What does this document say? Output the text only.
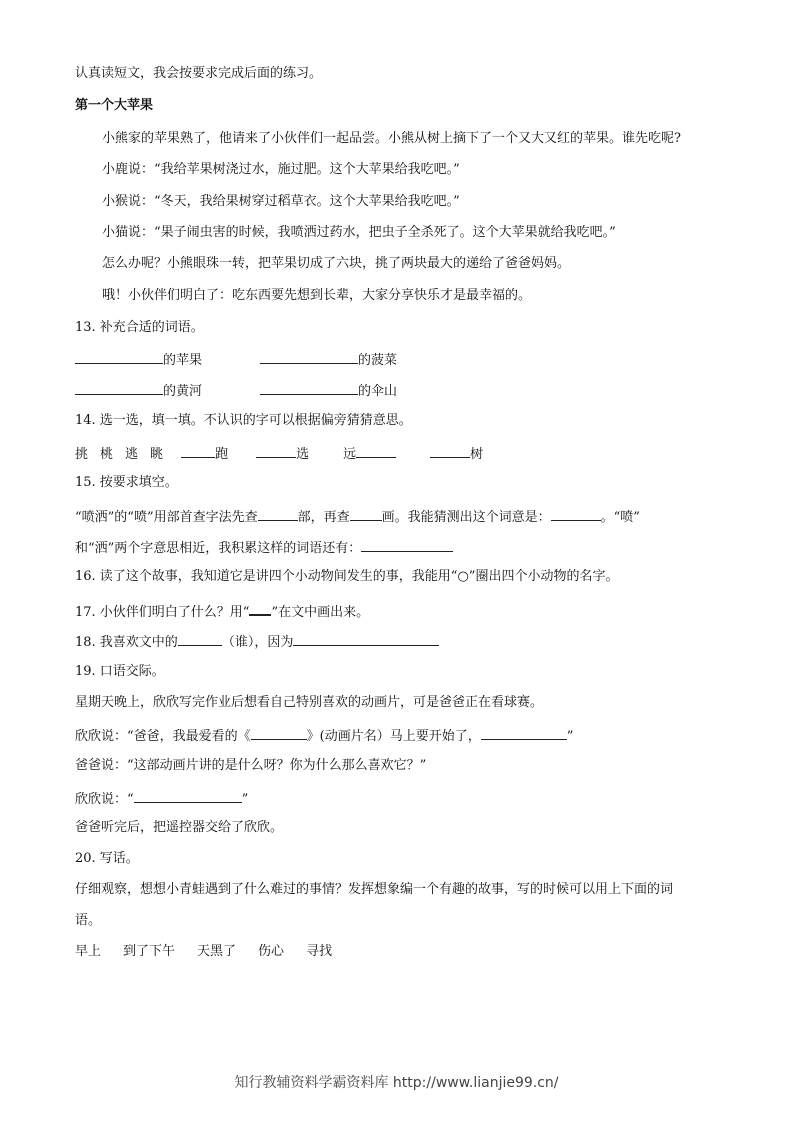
认真读短文，我会按要求完成后面的练习。
第一个大苹果
小熊家的苹果熟了，他请来了小伙伴们一起品尝。小熊从树上摘下了一个又大又红的苹果。谁先吃呢?
小鹿说：“我给苹果树浇过水，施过肥。这个大苹果给我吃吧。”
小猴说：“冬天，我给果树穿过稻草衣。这个大苹果给我吃吧。”
小猫说：“果子闹虫害的时候，我喷洒过药水，把虫子全杀死了。这个大苹果就给我吃吧。”
怎么办呢？小熊眼珠一转，把苹果切成了六块，挑了两块最大的递给了爸爸妈妈。
哦！小伙伴们明白了：吃东西要先想到长辈，大家分享快乐才是最幸福的。
13. 补充合适的词语。
的苹果	的菠菜
的黄河	的伞山
14. 选一选，填一填。不认识的字可以根据偏旁猜猜意思。
挑 桃 逃 眺	跑	选	远	树
15. 按要求填空。
“喷洒”的“喷”用部首查字法先查	部，再查 画。我能猜测出这个词意是：	。“喷”
和“洒”两个字意思相近，我积累这样的词语还有：
16. 读了这个故事，我知道它是讲四个小动物间发生的事，我能用“○”圈出四个小动物的名字。
17. 小伙伴们明白了什么？用“ ”在文中画出来。
18. 我喜欢文中的	（谁），因为
19. 口语交际。
星期天晚上，欣欣写完作业后想看自己特别喜欢的动画片，可是爸爸正在看球赛。
欣欣说：“爸爸，我最爱看的《	》(动画片名）马上要开始了，	”
爸爸说：“这部动画片讲的是什么呀？你为什么那么喜欢它？”
欣欣说：“	”
爸爸听完后，把遥控器交给了欣欣。
20. 写话。
仔细观察，想想小青蛙遇到了什么难过的事情？发挥想象编一个有趣的故事，写的时候可以用上下面的词
语。
早上 到了下午 天黑了 伤心 寻找
知行教辅资料学霸资料库 http://www.lianjie99.cn/
